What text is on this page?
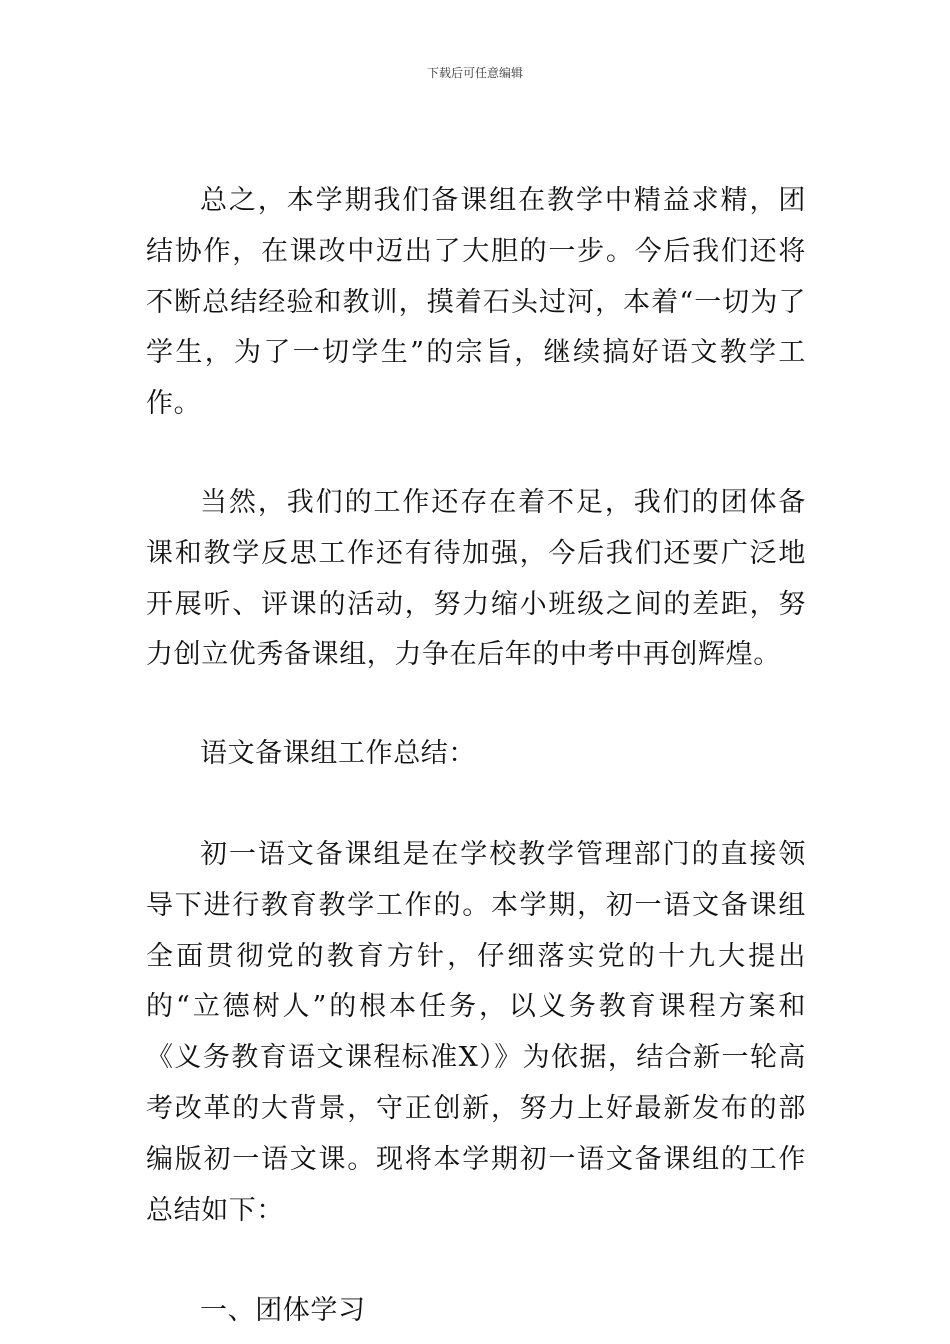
下载后可任意编辑

总之，本学期我们备课组在教学中精益求精，团结协作，在课改中迈出了大胆的一步。今后我们还将不断总结经验和教训，摸着石头过河，本着“一切为了学生，为了一切学生”的宗旨，继续搞好语文教学工作。

当然，我们的工作还存在着不足，我们的团体备课和教学反思工作还有待加强，今后我们还要广泛地开展听、评课的活动，努力缩小班级之间的差距，努力创立优秀备课组，力争在后年的中考中再创辉煌。

语文备课组工作总结：

初一语文备课组是在学校教学管理部门的直接领导下进行教育教学工作的。本学期，初一语文备课组全面贯彻党的教育方针，仔细落实党的十九大提出的“立德树人”的根本任务，以义务教育课程方案和《义务教育语文课程标准X）》为依据，结合新一轮高考改革的大背景，守正创新，努力上好最新发布的部编版初一语文课。现将本学期初一语文备课组的工作总结如下：

一、团体学习
